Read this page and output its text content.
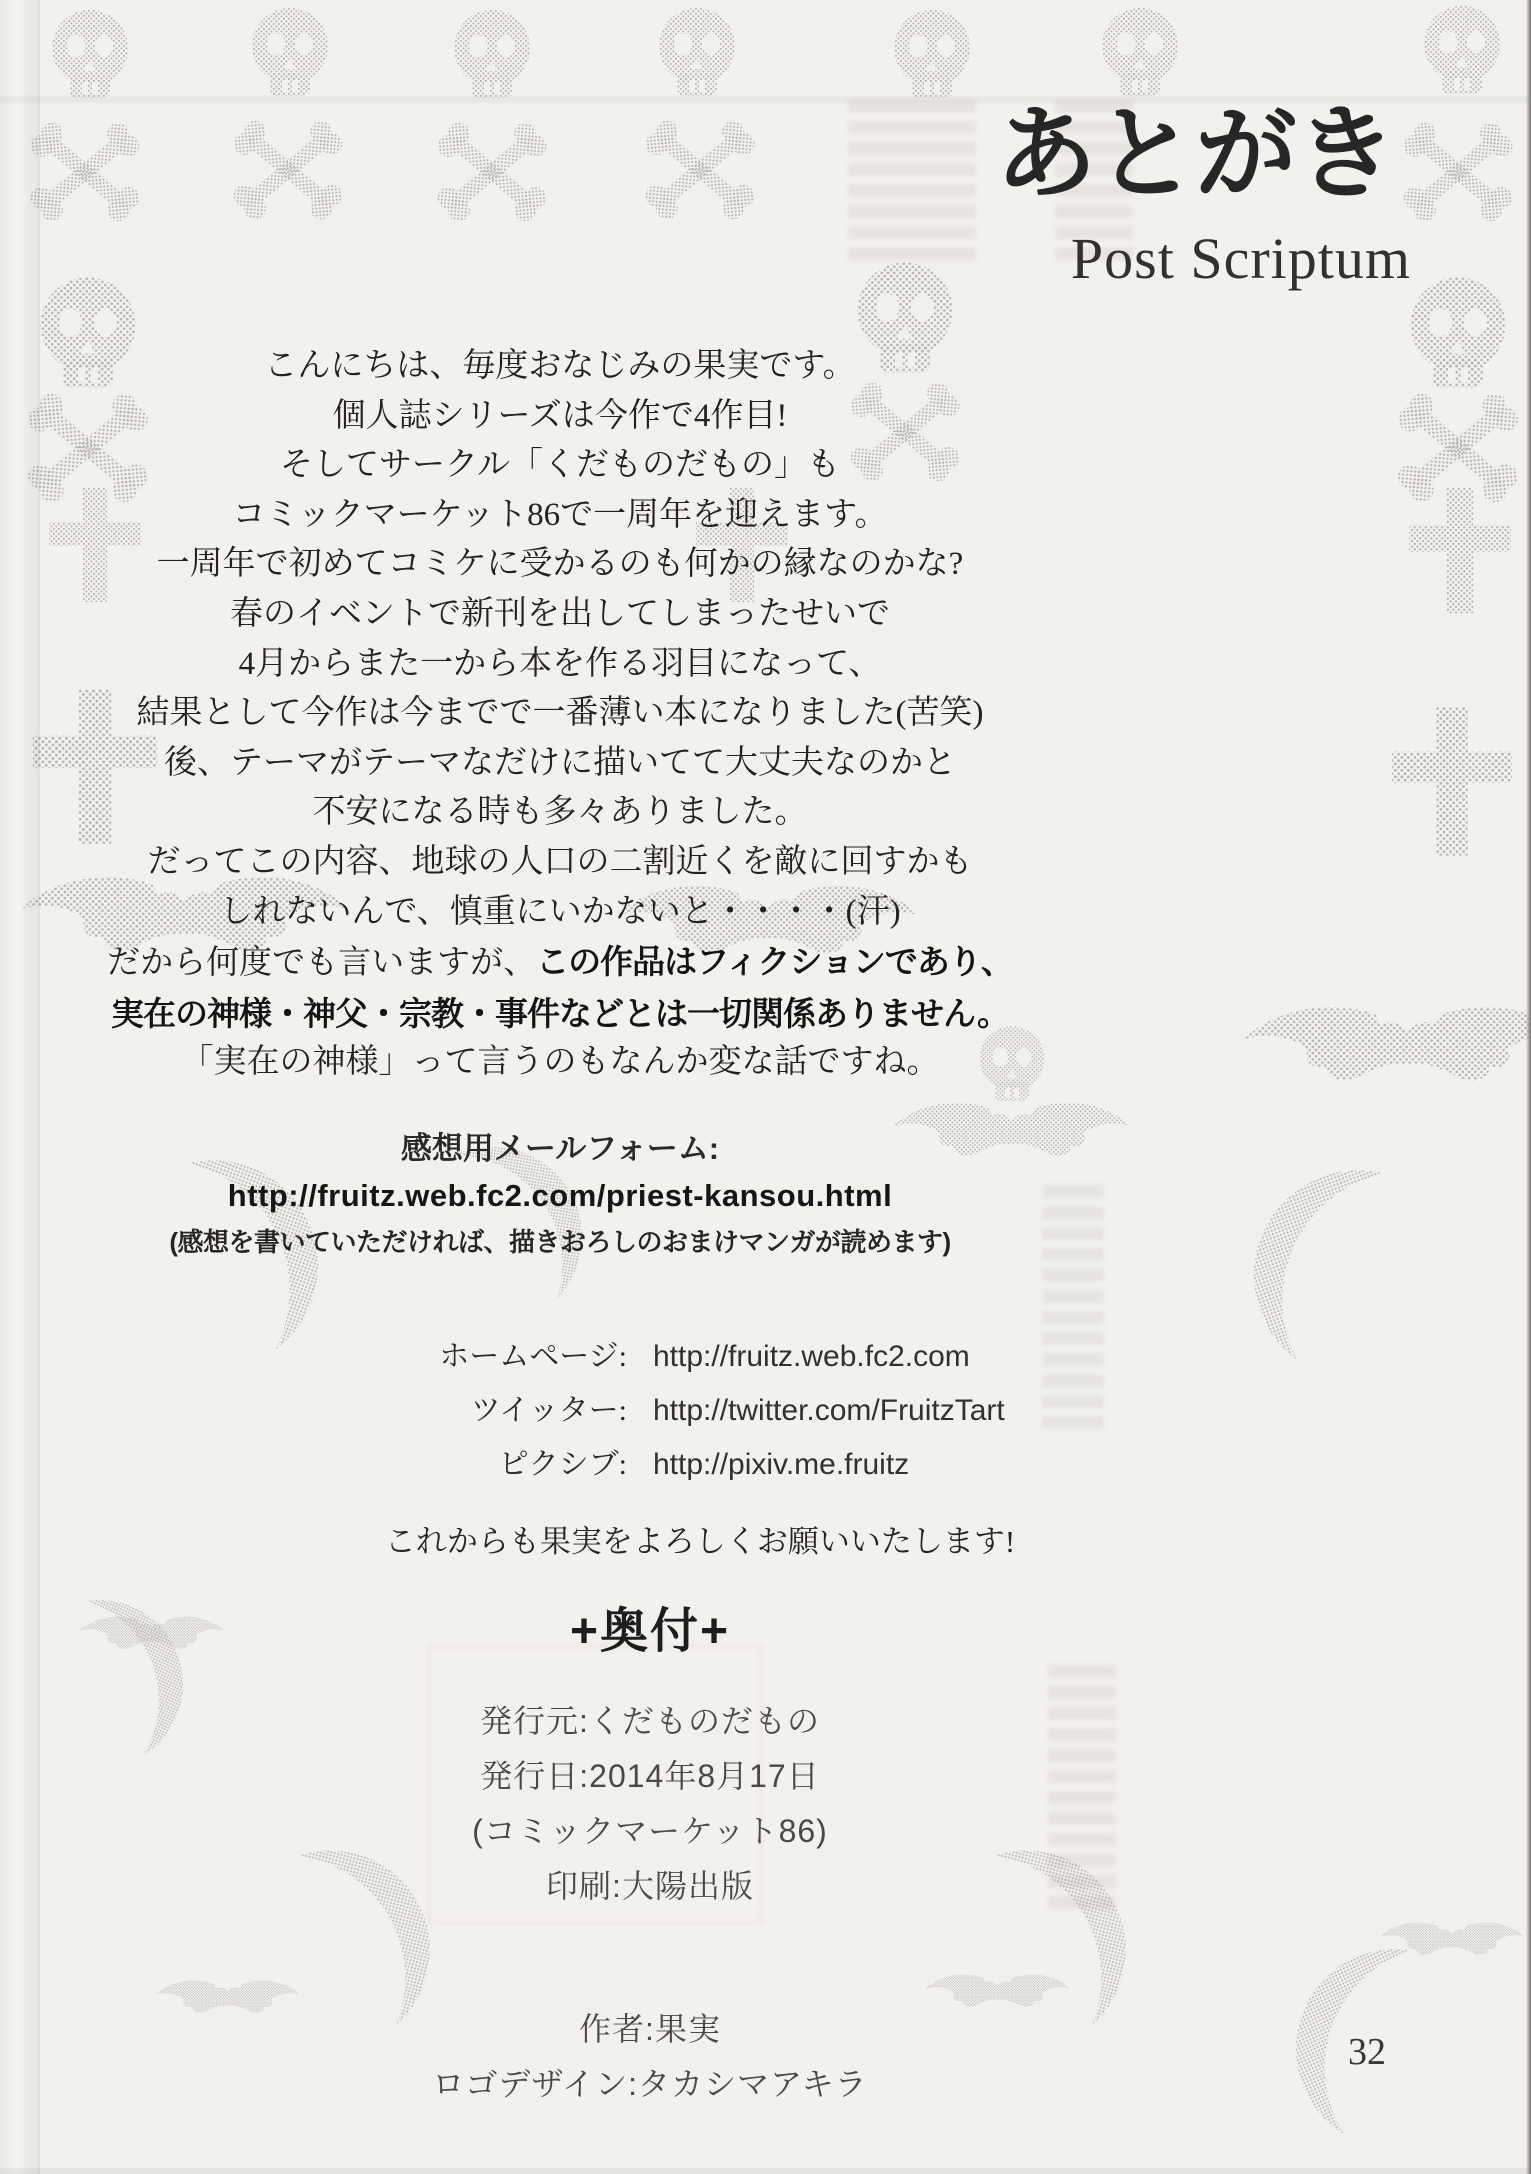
あとがき
Post Scriptum
こんにちは、毎度おなじみの果実です。
個人誌シリーズは今作で4作目!
そしてサークル「くだものだもの」も
コミックマーケット86で一周年を迎えます。
一周年で初めてコミケに受かるのも何かの縁なのかな?
春のイベントで新刊を出してしまったせいで
4月からまた一から本を作る羽目になって、
結果として今作は今までで一番薄い本になりました(苦笑)
後、テーマがテーマなだけに描いてて大丈夫なのかと
不安になる時も多々ありました。
だってこの内容、地球の人口の二割近くを敵に回すかも
しれないんで、慎重にいかないと・・・・(汗)
だから何度でも言いますが、この作品はフィクションであり、
実在の神様・神父・宗教・事件などとは一切関係ありません。
「実在の神様」って言うのもなんか変な話ですね。
感想用メールフォーム:
http://fruitz.web.fc2.com/priest-kansou.html
(感想を書いていただければ、描きおろしのおまけマンガが読めます)
ホームページ: http://fruitz.web.fc2.com
ツイッター: http://twitter.com/FruitzTart
ピクシブ: http://pixiv.me.fruitz
これからも果実をよろしくお願いいたします!
+奥付+
発行元:くだものだもの
発行日:2014年8月17日
(コミックマーケット86)
印刷:大陽出版
作者:果実
ロゴデザイン:タカシマアキラ
32
